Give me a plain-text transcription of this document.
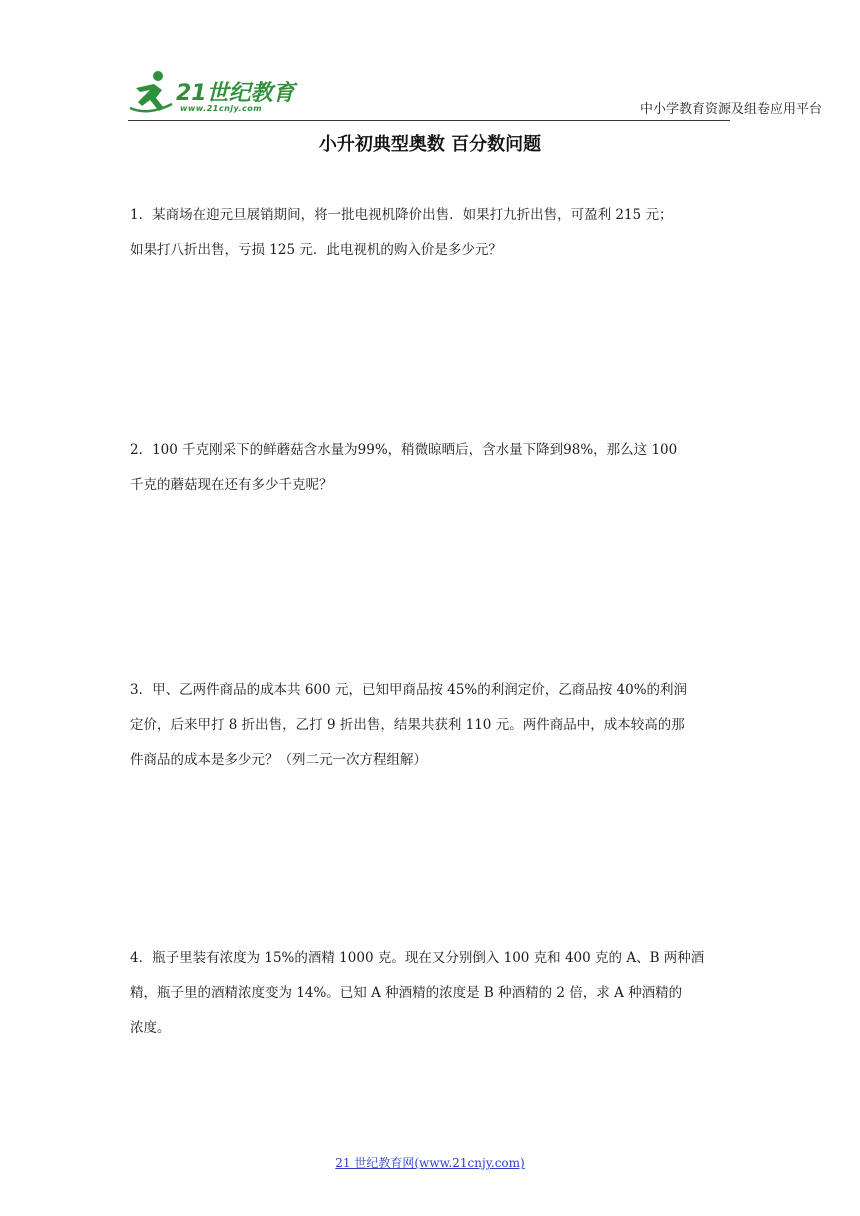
21世纪教育
www.21cnjy.com	中小学教育资源及组卷应用平台
小升初典型奥数 百分数问题
1．某商场在迎元旦展销期间，将一批电视机降价出售．如果打九折出售，可盈利 215 元；
如果打八折出售，亏损 125 元．此电视机的购入价是多少元？
2．100 千克刚采下的鲜蘑菇含水量为99%，稍微晾晒后，含水量下降到98%，那么这 100
千克的蘑菇现在还有多少千克呢？
3．甲、乙两件商品的成本共 600 元，已知甲商品按 45%的利润定价，乙商品按 40%的利润
定价，后来甲打 8 折出售，乙打 9 折出售，结果共获利 110 元。两件商品中，成本较高的那
件商品的成本是多少元？（列二元一次方程组解）
4．瓶子里装有浓度为 15%的酒精 1000 克。现在又分别倒入 100 克和 400 克的 A、B 两种酒
精，瓶子里的酒精浓度变为 14%。已知 A 种酒精的浓度是 B 种酒精的 2 倍，求 A 种酒精的
浓度。
21 世纪教育网(www.21cnjy.com)
